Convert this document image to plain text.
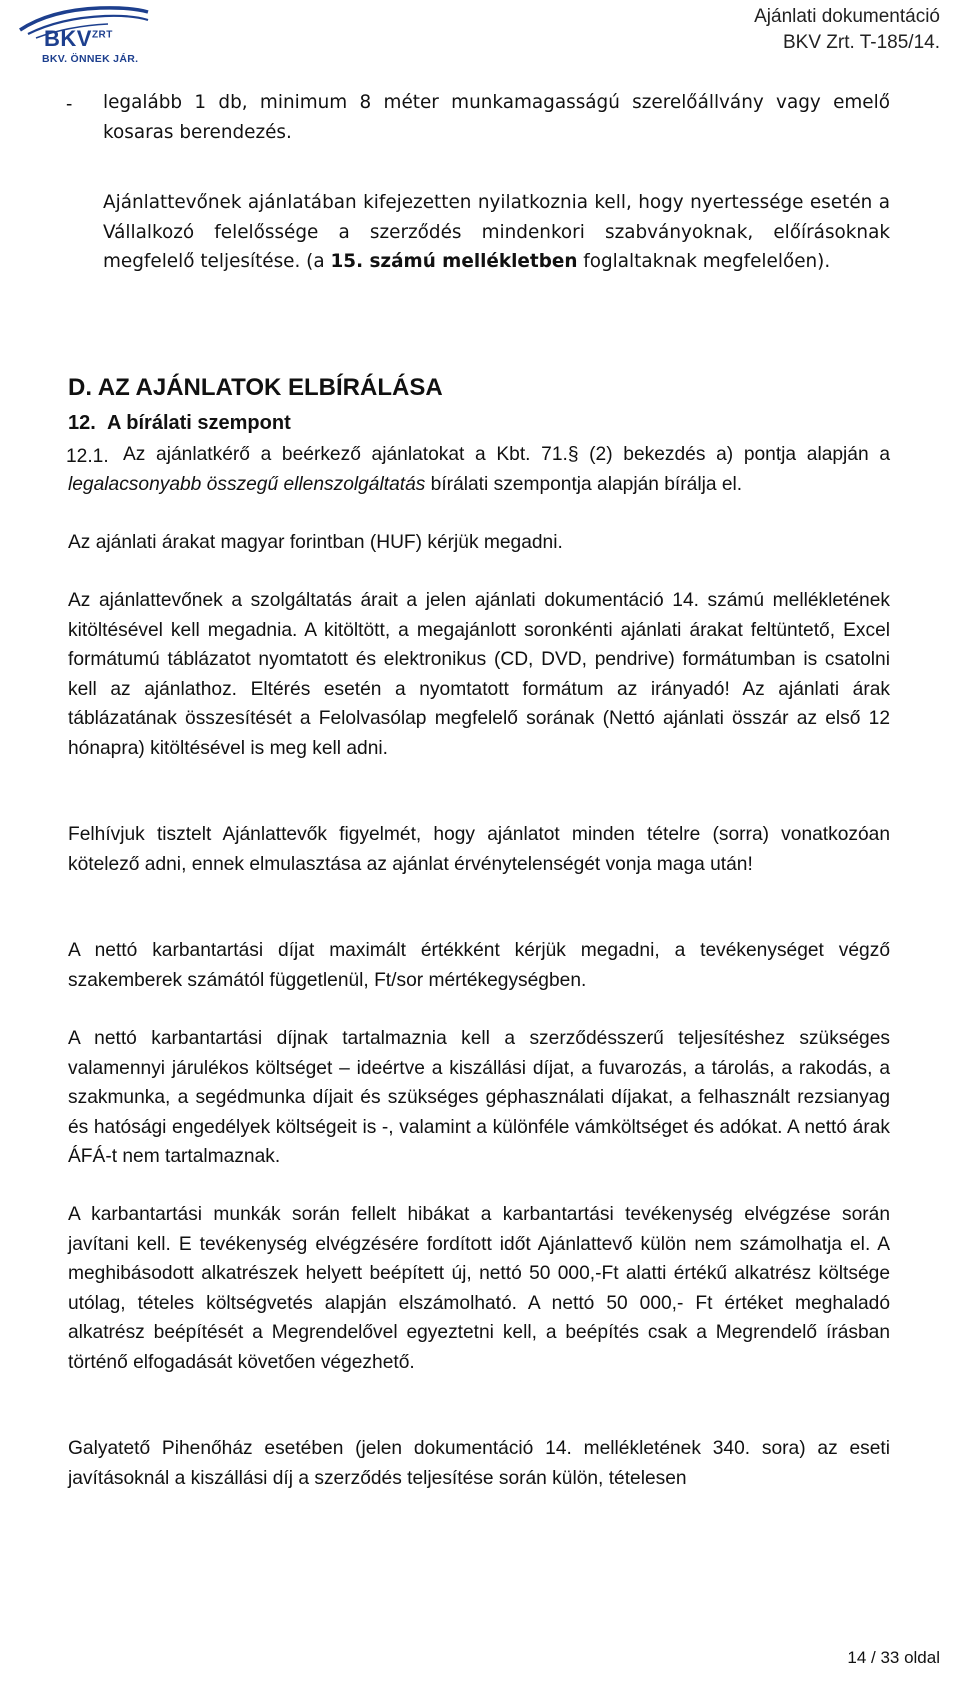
$BKV^{ZRT}$
BKV. ÖNNEK JÁR.
Ajánlati dokumentáció
BKV Zrt. T-185/14.
- legalább 1 db, minimum 8 méter munkamagasságú szerelőállvány vagy emelő kosaras berendezés.

Ajánlattevőnek ajánlatában kifejezetten nyilatkoznia kell, hogy nyertessége esetén a Vállalkozó felelőssége a szerződés mindenkori szabványoknak, előírásoknak megfelelő teljesítése. (a 15. számú mellékletben foglaltaknak megfelelően).

D. AZ AJÁNLATOK ELBÍRÁLÁSA
12. A bírálati szempont
12.1. Az ajánlatkérő a beérkező ajánlatokat a Kbt. 71.§ (2) bekezdés a) pontja alapján a legalacsonyabb összegű ellenszolgáltatás bírálati szempontja alapján bírálja el.

Az ajánlati árakat magyar forintban (HUF) kérjük megadni.

Az ajánlattevőnek a szolgáltatás árait a jelen ajánlati dokumentáció 14. számú mellékletének kitöltésével kell megadnia. A kitöltött, a megajánlott soronkénti ajánlati árakat feltüntető, Excel formátumú táblázatot nyomtatott és elektronikus (CD, DVD, pendrive) formátumban is csatolni kell az ajánlathoz. Eltérés esetén a nyomtatott formátum az irányadó! Az ajánlati árak táblázatának összesítését a Felolvasólap megfelelő sorának (Nettó ajánlati összár az első 12 hónapra) kitöltésével is meg kell adni.

Felhívjuk tisztelt Ajánlattevők figyelmét, hogy ajánlatot minden tételre (sorra) vonatkozóan kötelező adni, ennek elmulasztása az ajánlat érvénytelenségét vonja maga után!

A nettó karbantartási díjat maximált értékként kérjük megadni, a tevékenységet végző szakemberek számától függetlenül, Ft/sor mértékegységben.

A nettó karbantartási díjnak tartalmaznia kell a szerződésszerű teljesítéshez szükséges valamennyi járulékos költséget – ideértve a kiszállási díjat, a fuvarozás, a tárolás, a rakodás, a szakmunka, a segédmunka díjait és szükséges géphasználati díjakat, a felhasznált rezsianyag és hatósági engedélyek költségeit is -, valamint a különféle vámköltséget és adókat. A nettó árak ÁFÁ-t nem tartalmaznak.

A karbantartási munkák során fellelt hibákat a karbantartási tevékenység elvégzése során javítani kell. E tevékenység elvégzésére fordított időt Ajánlattevő külön nem számolhatja el. A meghibásodott alkatrészek helyett beépített új, nettó 50 000,-Ft alatti értékű alkatrész költsége utólag, tételes költségvetés alapján elszámolható. A nettó 50 000,- Ft értéket meghaladó alkatrész beépítését a Megrendelővel egyeztetni kell, a beépítés csak a Megrendelő írásban történő elfogadását követően végezhető.

Galyatető Pihenőház esetében (jelen dokumentáció 14. mellékletének 340. sora) az eseti javításoknál a kiszállási díj a szerződés teljesítése során külön, tételesen

14 / 33 oldal
